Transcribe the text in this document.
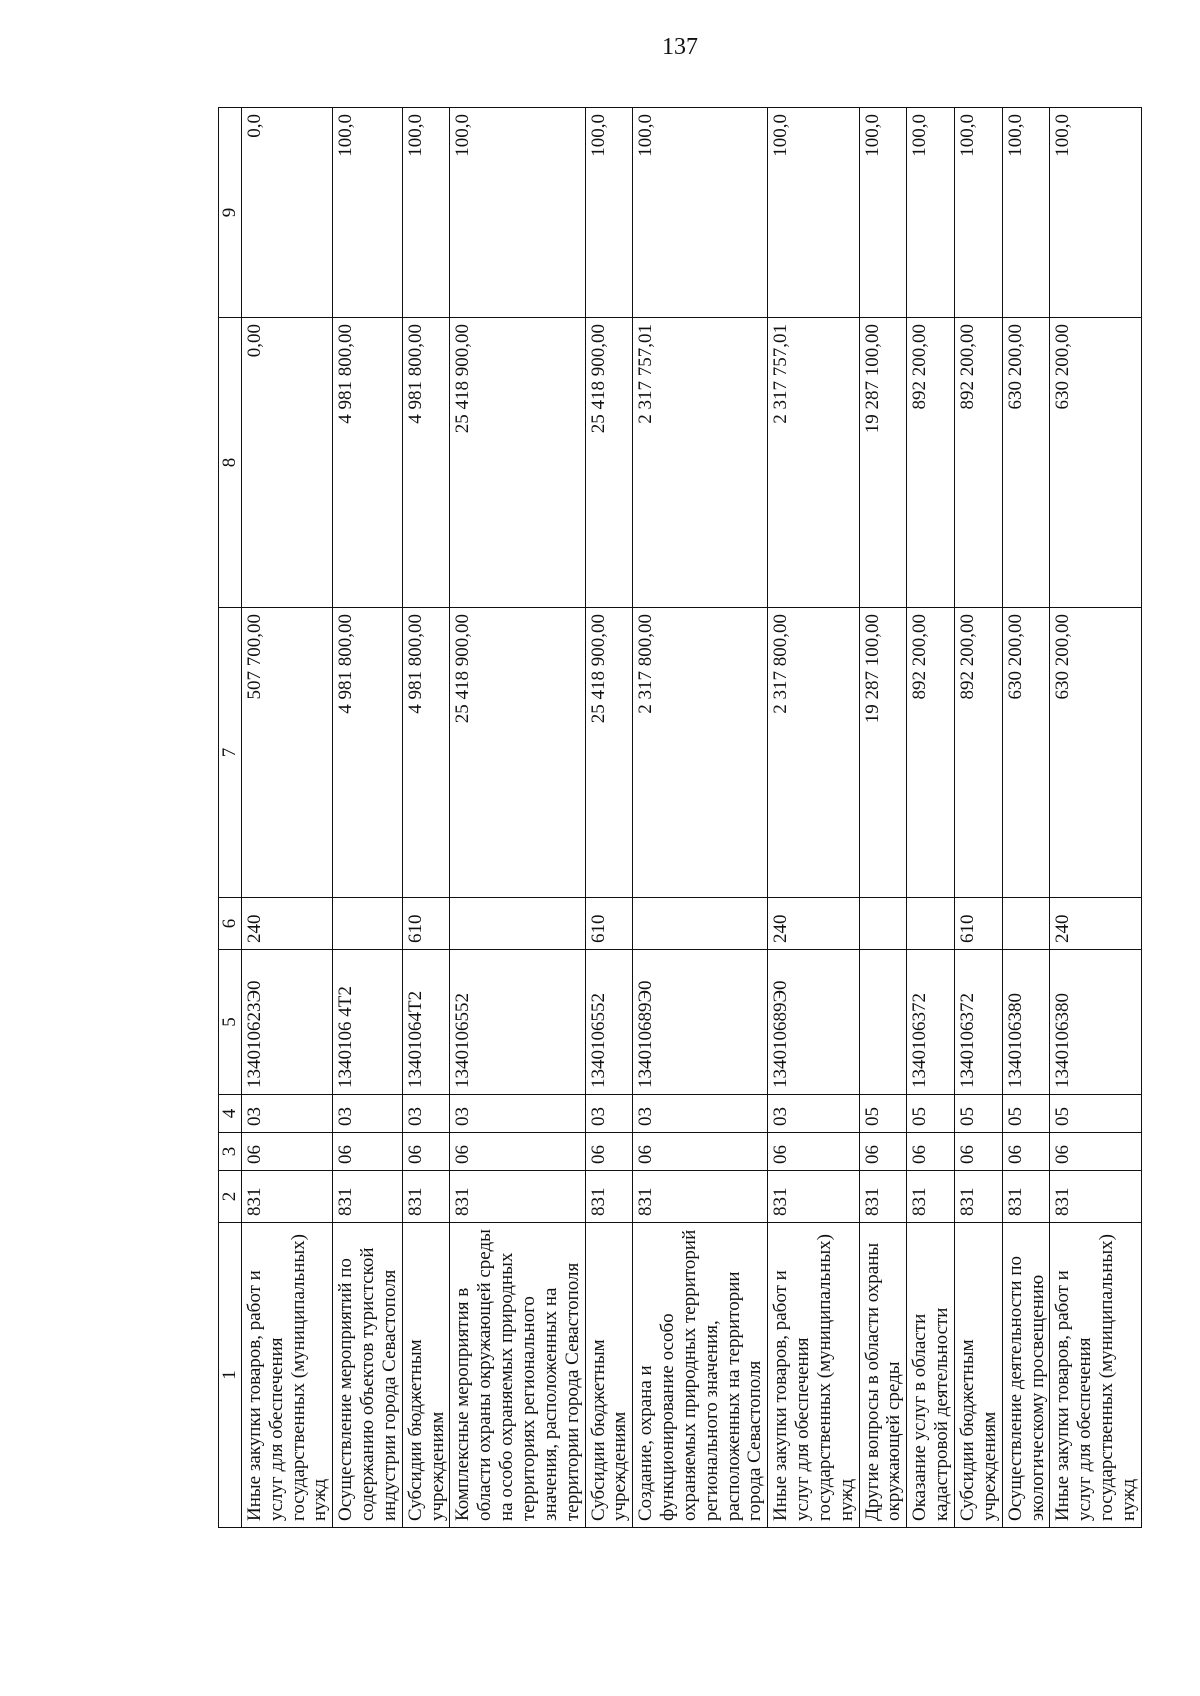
137
1	2	3	4	5	6	7	8	9
Иные закупки товаров, работ и услуг для обеспечения государственных (муниципальных) нужд	831	06	03	134010623Э0	240	507 700,00	0,00	0,0
Осуществление мероприятий по содержанию объектов туристской индустрии города Севастополя	831	06	03	1340106 4Т2		4 981 800,00	4 981 800,00	100,0
Субсидии бюджетным учреждениям	831	06	03	13401064Т2	610	4 981 800,00	4 981 800,00	100,0
Комплексные мероприятия в области охраны окружающей среды на особо охраняемых природных территориях регионального значения, расположенных на территории города Севастополя	831	06	03	1340106552		25 418 900,00	25 418 900,00	100,0
Субсидии бюджетным учреждениям	831	06	03	1340106552	610	25 418 900,00	25 418 900,00	100,0
Создание, охрана и функционирование особо охраняемых природных территорий регионального значения, расположенных на территории города Севастополя	831	06	03	134010689Э0		2 317 800,00	2 317 757,01	100,0
Иные закупки товаров, работ и услуг для обеспечения государственных (муниципальных) нужд	831	06	03	134010689Э0	240	2 317 800,00	2 317 757,01	100,0
Другие вопросы в области охраны окружающей среды	831	06	05			19 287 100,00	19 287 100,00	100,0
Оказание услуг в области кадастровой деятельности	831	06	05	1340106372		892 200,00	892 200,00	100,0
Субсидии бюджетным учреждениям	831	06	05	1340106372	610	892 200,00	892 200,00	100,0
Осуществление деятельности по экологическому просвещению	831	06	05	1340106380		630 200,00	630 200,00	100,0
Иные закупки товаров, работ и услуг для обеспечения государственных (муниципальных) нужд	831	06	05	1340106380	240	630 200,00	630 200,00	100,0
